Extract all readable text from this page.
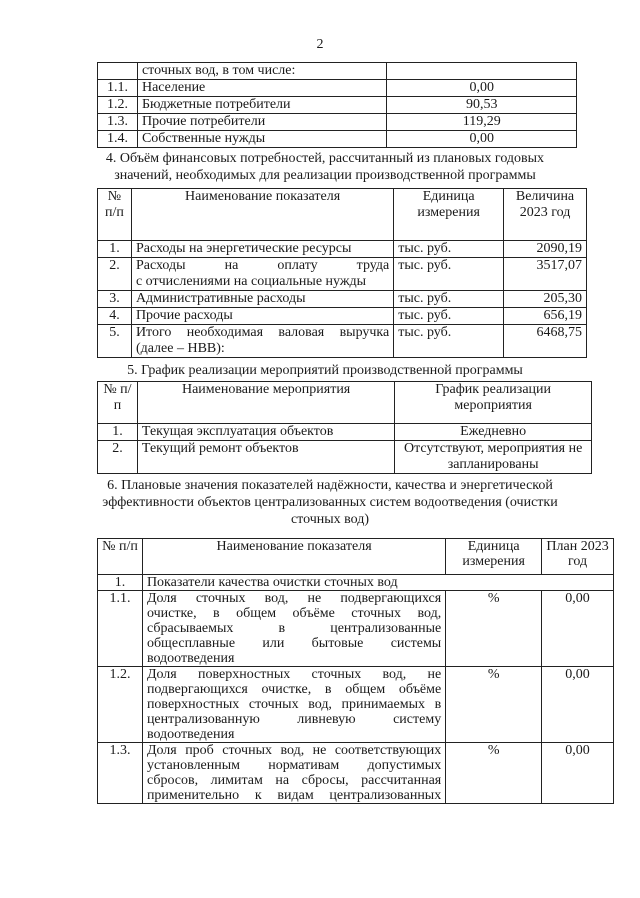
2
	сточных вод, в том числе:	
1.1.	Население	0,00
1.2.	Бюджетные потребители	90,53
1.3.	Прочие потребители	119,29
1.4.	Собственные нужды	0,00
4. Объём финансовых потребностей, рассчитанный из плановых годовых
значений, необходимых для реализации производственной программы
№ п/п	Наименование показателя	Единица измерения	Величина 2023 год
1.	Расходы на энергетические ресурсы	тыс. руб.	2090,19
2.	Расходы на оплату труда
с отчислениями на социальные нужды	тыс. руб.	3517,07
3.	Административные расходы	тыс. руб.	205,30
4.	Прочие расходы	тыс. руб.	656,19
5.	Итого необходимая валовая выручка
(далее – НВВ):	тыс. руб.	6468,75
5. График реализации мероприятий производственной программы
№ п/п	Наименование мероприятия	График реализации мероприятия
1.	Текущая эксплуатация объектов	Ежедневно
2.	Текущий ремонт объектов	Отсутствуют, мероприятия не запланированы
6. Плановые значения показателей надёжности, качества и энергетической
эффективности объектов централизованных систем водоотведения (очистки
сточных вод)
№ п/п	Наименование показателя	Единица измерения	План 2023 год
1.	Показатели качества очистки сточных вод		
1.1.	Доля сточных вод, не подвергающихся
очистке, в общем объёме сточных вод,
сбрасываемых в централизованные
общесплавные или бытовые системы
водоотведения	%	0,00
1.2.	Доля поверхностных сточных вод, не
подвергающихся очистке, в общем объёме
поверхностных сточных вод, принимаемых в
централизованную ливневую систему
водоотведения	%	0,00
1.3.	Доля проб сточных вод, не соответствующих
установленным нормативам допустимых
сбросов, лимитам на сбросы, рассчитанная
применительно к видам централизованных	%	0,00
